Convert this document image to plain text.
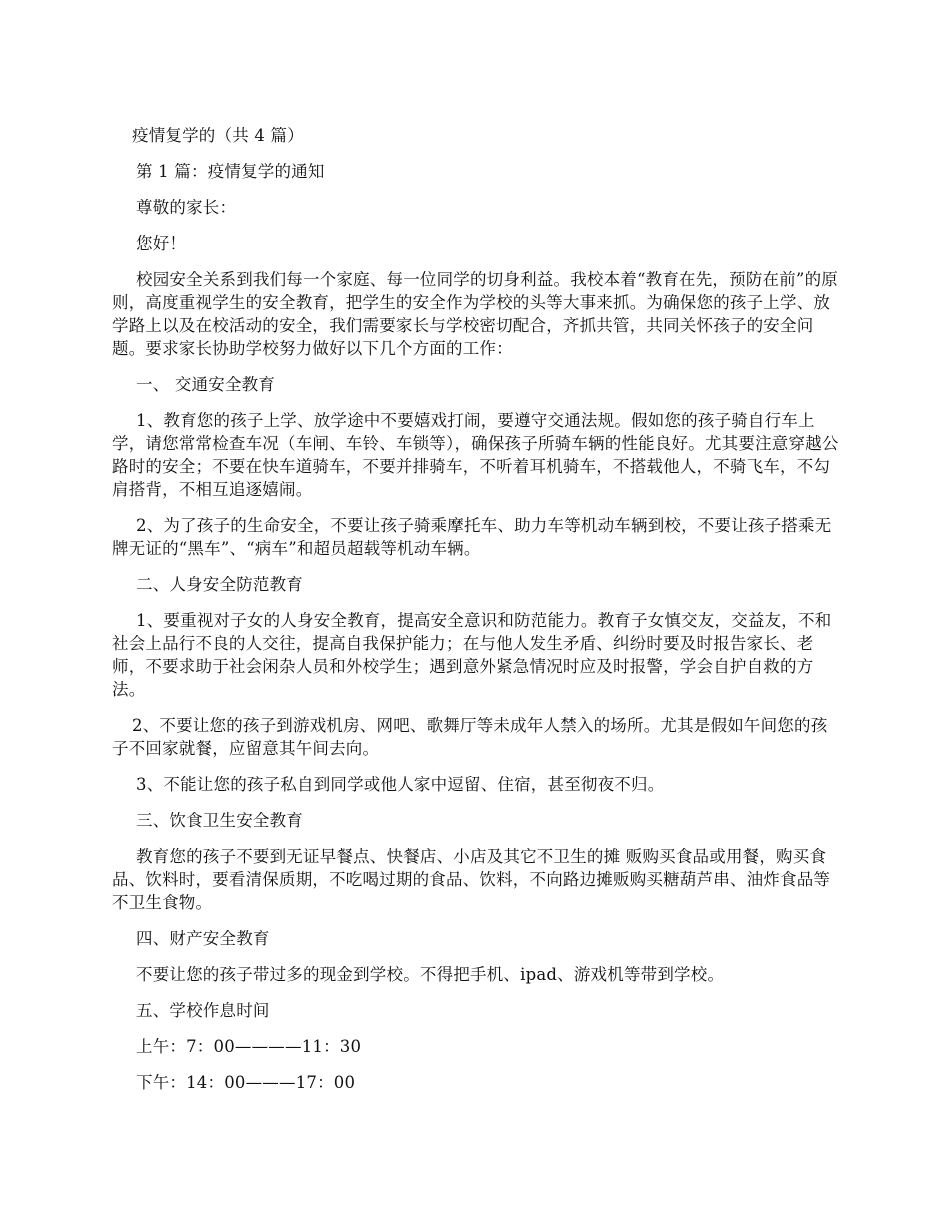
疫情复学的（共 4 篇）

第 1 篇：疫情复学的通知

尊敬的家长：

您好！

校园安全关系到我们每一个家庭、每一位同学的切身利益。我校本着“教育在先，预防在前”的原则，高度重视学生的安全教育，把学生的安全作为学校的头等大事来抓。为确保您的孩子上学、放学路上以及在校活动的安全，我们需要家长与学校密切配合，齐抓共管，共同关怀孩子的安全问题。要求家长协助学校努力做好以下几个方面的工作：

一、 交通安全教育

1、教育您的孩子上学、放学途中不要嬉戏打闹，要遵守交通法规。假如您的孩子骑自行车上学，请您常常检查车况（车闸、车铃、车锁等），确保孩子所骑车辆的性能良好。尤其要注意穿越公路时的安全；不要在快车道骑车，不要并排骑车，不听着耳机骑车，不搭载他人，不骑飞车，不勾肩搭背，不相互追逐嬉闹。

2、为了孩子的生命安全，不要让孩子骑乘摩托车、助力车等机动车辆到校，不要让孩子搭乘无牌无证的“黑车”、“病车”和超员超载等机动车辆。

二、人身安全防范教育

1、要重视对子女的人身安全教育，提高安全意识和防范能力。教育子女慎交友，交益友，不和社会上品行不良的人交往，提高自我保护能力；在与他人发生矛盾、纠纷时要及时报告家长、老师，不要求助于社会闲杂人员和外校学生；遇到意外紧急情况时应及时报警，学会自护自救的方法。

2、不要让您的孩子到游戏机房、网吧、歌舞厅等未成年人禁入的场所。尤其是假如午间您的孩子不回家就餐，应留意其午间去向。

3、不能让您的孩子私自到同学或他人家中逗留、住宿，甚至彻夜不归。

三、饮食卫生安全教育

教育您的孩子不要到无证早餐点、快餐店、小店及其它不卫生的摊 贩购买食品或用餐，购买食品、饮料时，要看清保质期，不吃喝过期的食品、饮料，不向路边摊贩购买糖葫芦串、油炸食品等不卫生食物。

四、财产安全教育

不要让您的孩子带过多的现金到学校。不得把手机、ipad、游戏机等带到学校。

五、学校作息时间

上午：7：00————11：30

下午：14：00———17：00
